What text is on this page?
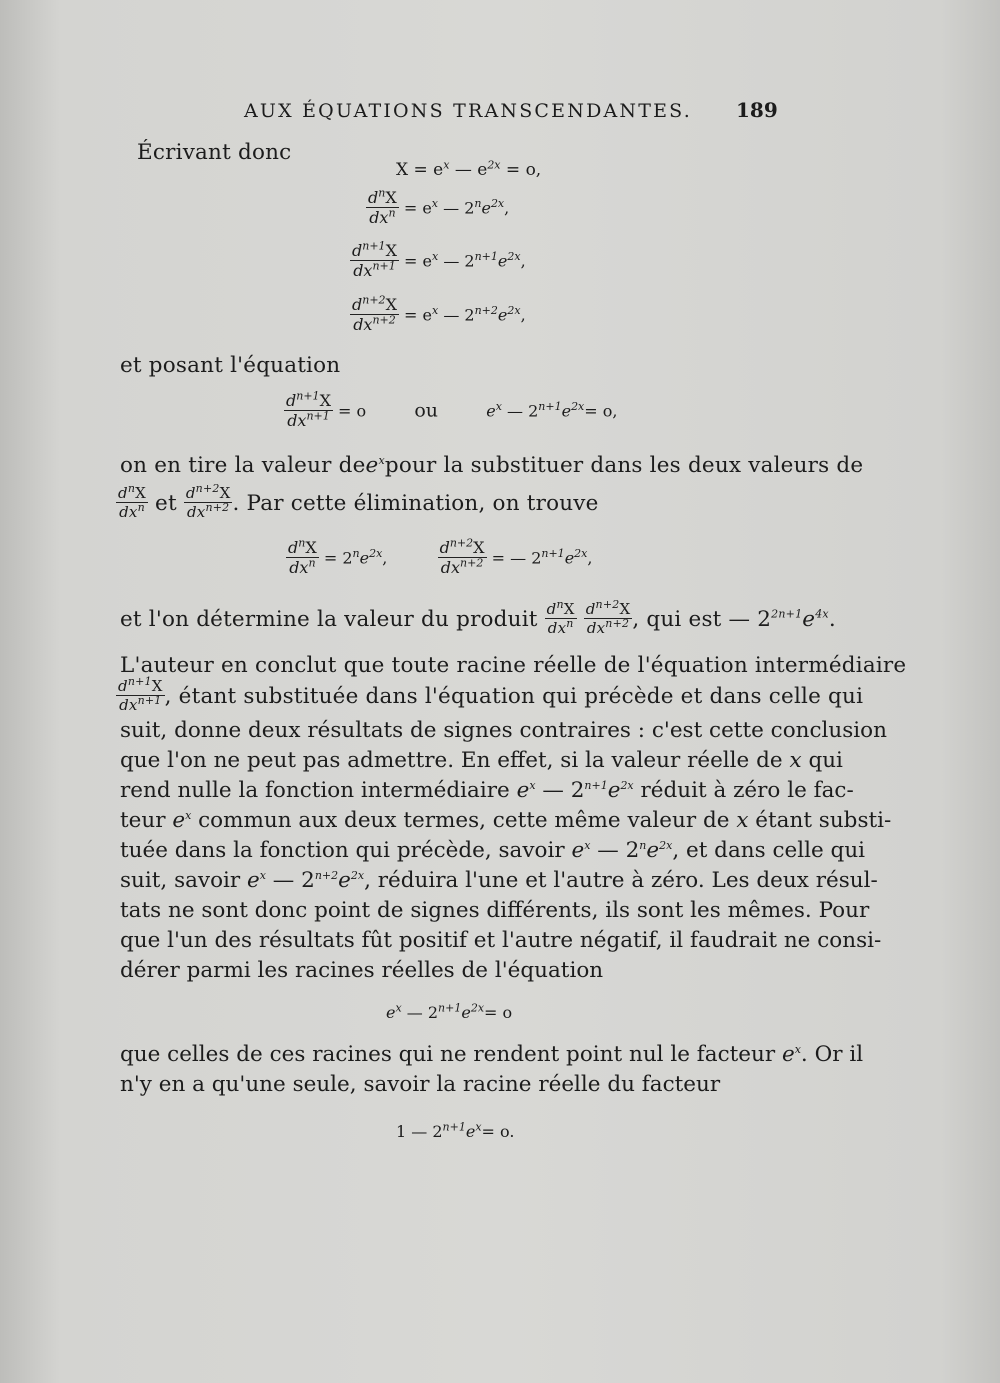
AUX ÉQUATIONS TRANSCENDANTES. 189
Écrivant donc
$X = e^x$ — $e^{2x} = o$,
$\frac{d^nX}{dx^n} = e^x$ — $2^ne^{2x}$,
$\frac{d^{n+1}X}{dx^{n+1}} = e^x$ — $2^{n+1}e^{2x}$,
$\frac{d^{n+2}X}{dx^{n+2}} = e^x$ — $2^{n+2}e^{2x}$,
et posant l'équation
$\frac{d^{n+1}X}{dx^{n+1}} = o$	ou	$e^x$ — $2^{n+1}e^{2x}= o$,
on en tire la valeur de $e^x$ pour la substituer dans les deux valeurs de
$\frac{d^nX}{dx^n}$ et $\frac{d^{n+2}X}{dx^{n+2}}$ . Par cette élimination, on trouve
$\frac{d^nX}{dx^n} = 2^ne^{2x}$,	$\frac{d^{n+2}X}{dx^{n+2}}$ = — $2^{n+1}e^{2x}$,
et l'on détermine la valeur du produit $\frac{d^nX}{dx^n}$
$\frac{d^{n+2}X}{dx^{n+2}}$ , qui est — $2^{2n+1}e^{4x}$.
L'auteur en conclut que toute racine réelle de l'équation intermédiaire
$\frac{d^{n+1}X}{dx^{n+1}}$ , étant substituée dans l'équation qui précède et dans celle qui
suit, donne deux résultats de signes contraires : c'est cette conclusion
que l'on ne peut pas admettre. En effet, si la valeur réelle de x qui
rend nulle la fonction intermédiaire $e^x$ — $2^{n+1}e^{2x}$ réduit à zéro le fac-
teur $e^x$ commun aux deux termes, cette même valeur de x étant substi-
tuée dans la fonction qui précède, savoir $e^x$ — $2^ne^{2x}$, et dans celle qui
suit, savoir $e^x$ — $2^{n+2}e^{2x}$, réduira l'une et l'autre à zéro. Les deux résul-
tats ne sont donc point de signes différents, ils sont les mêmes. Pour
que l'un des résultats fût positif et l'autre négatif, il faudrait ne consi-
dérer parmi les racines réelles de l'équation
$e^x$ — $2^{n+1}e^{2x}= o$
que celles de ces racines qui ne rendent point nul le facteur $e^x$. Or il
n'y en a qu'une seule, savoir la racine réelle du facteur
1 — $2^{n+1}e^x= o$.
